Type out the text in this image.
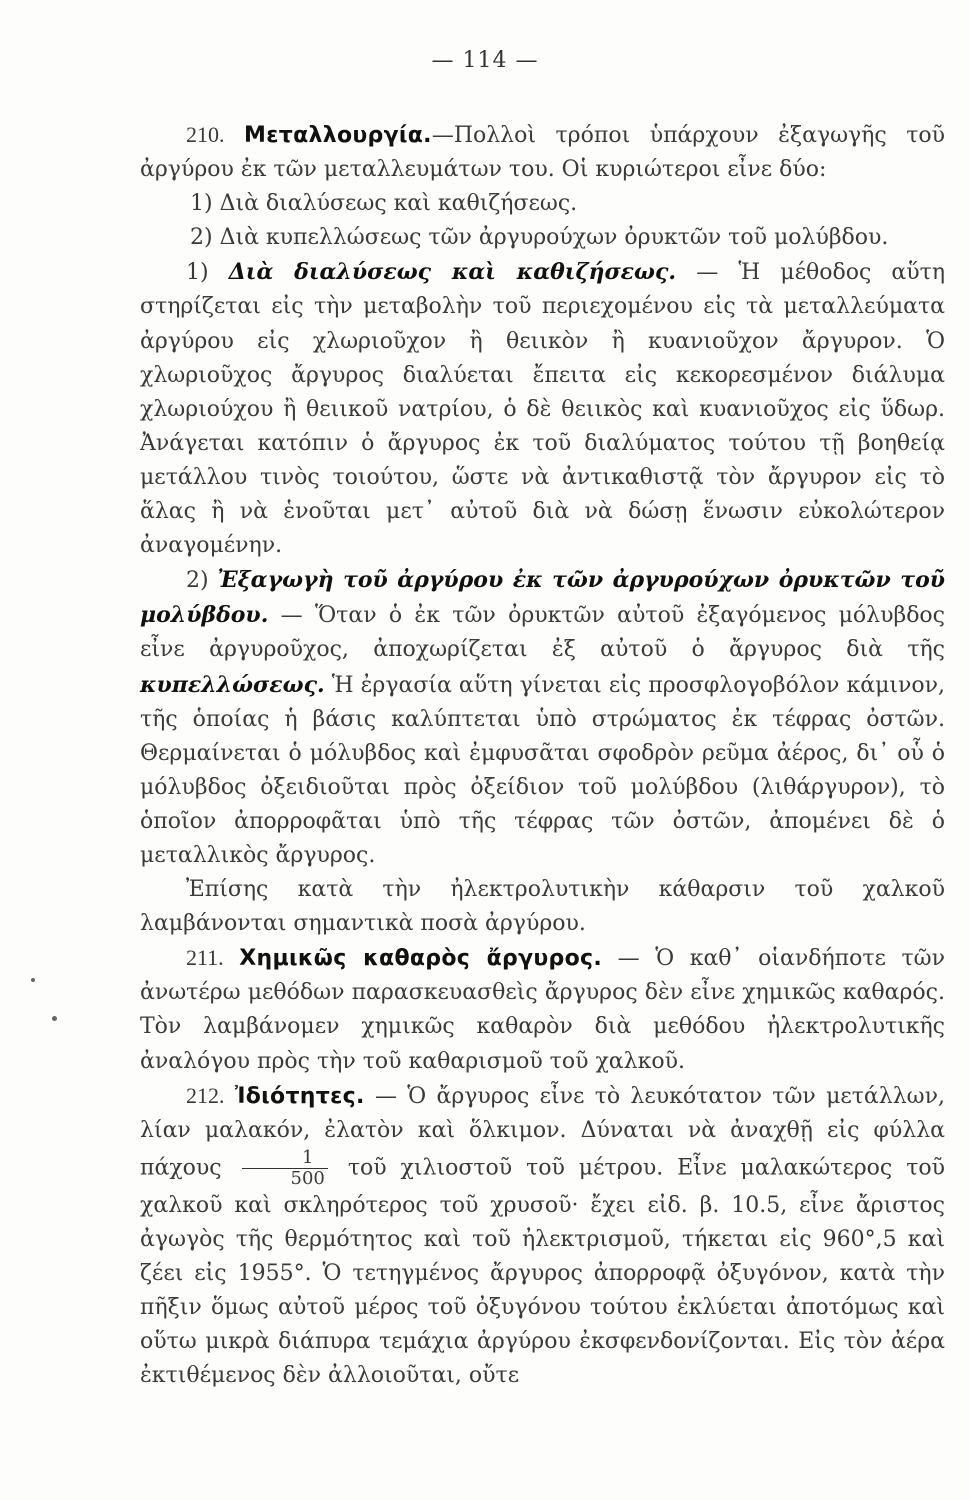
— 114 —

210. Μεταλλουργία.—Πολλοὶ τρόποι ὑπάρχουν ἐξαγωγῆς τοῦ ἀργύρου ἐκ τῶν μεταλλευμάτων του. Οἱ κυριώτεροι εἶνε δύο:

1) Διὰ διαλύσεως καὶ καθιζήσεως.

2) Διὰ κυπελλώσεως τῶν ἀργυρούχων ὀρυκτῶν τοῦ μολύβδου.

1) Διὰ διαλύσεως καὶ καθιζήσεως. — Ἡ μέθοδος αὕτη στηρίζεται εἰς τὴν μεταβολὴν τοῦ περιεχομένου εἰς τὰ μεταλλεύματα ἀργύρου εἰς χλωριοῦχον ἢ θειικὸν ἢ κυανιοῦχον ἄργυρον. Ὁ χλωριοῦχος ἄργυρος διαλύεται ἔπειτα εἰς κεκορεσμένον διάλυμα χλωριούχου ἢ θειικοῦ νατρίου, ὁ δὲ θειικὸς καὶ κυανιοῦχος εἰς ὕδωρ. Ἀνάγεται κατόπιν ὁ ἄργυρος ἐκ τοῦ διαλύματος τούτου τῇ βοηθείᾳ μετάλλου τινὸς τοιούτου, ὥστε νὰ ἀντικαθιστᾷ τὸν ἄργυρον εἰς τὸ ἅλας ἢ νὰ ἑνοῦται μετ᾽ αὐτοῦ διὰ νὰ δώσῃ ἕνωσιν εὐκολώτερον ἀναγομένην.

2) Ἐξαγωγὴ τοῦ ἀργύρου ἐκ τῶν ἀργυρούχων ὀρυκτῶν τοῦ μολύβδου. — Ὅταν ὁ ἐκ τῶν ὀρυκτῶν αὐτοῦ ἐξαγόμενος μόλυβδος εἶνε ἀργυροῦχος, ἀποχωρίζεται ἐξ αὐτοῦ ὁ ἄργυρος διὰ τῆς κυπελλώσεως. Ἡ ἐργασία αὕτη γίνεται εἰς προσφλογοβόλον κάμινον, τῆς ὁποίας ἡ βάσις καλύπτεται ὑπὸ στρώματος ἐκ τέφρας ὀστῶν. Θερμαίνεται ὁ μόλυβδος καὶ ἐμφυσᾶται σφοδρὸν ρεῦμα ἀέρος, δι᾽ οὗ ὁ μόλυβδος ὀξειδιοῦται πρὸς ὀξείδιον τοῦ μολύβδου (λιθάργυρον), τὸ ὁποῖον ἀπορροφᾶται ὑπὸ τῆς τέφρας τῶν ὀστῶν, ἀπομένει δὲ ὁ μεταλλικὸς ἄργυρος.

Ἐπίσης κατὰ τὴν ἠλεκτρολυτικὴν κάθαρσιν τοῦ χαλκοῦ λαμβάνονται σημαντικὰ ποσὰ ἀργύρου.

211. Χημικῶς καθαρὸς ἄργυρος. — Ὁ καθ᾽ οἱανδήποτε τῶν ἀνωτέρω μεθόδων παρασκευασθεὶς ἄργυρος δὲν εἶνε χημικῶς καθαρός. Τὸν λαμβάνομεν χημικῶς καθαρὸν διὰ μεθόδου ἠλεκτρολυτικῆς ἀναλόγου πρὸς τὴν τοῦ καθαρισμοῦ τοῦ χαλκοῦ.

212. Ἰδιότητες. — Ὁ ἄργυρος εἶνε τὸ λευκότατον τῶν μετάλλων, λίαν μαλακόν, ἐλατὸν καὶ ὅλκιμον. Δύναται νὰ ἀναχθῇ εἰς φύλλα πάχους $\frac{1}{500}$ τοῦ χιλιοστοῦ τοῦ μέτρου. Εἶνε μαλακώτερος τοῦ χαλκοῦ καὶ σκληρότερος τοῦ χρυσοῦ· ἔχει εἰδ. β. 10.5, εἶνε ἄριστος ἀγωγὸς τῆς θερμότητος καὶ τοῦ ἠλεκτρισμοῦ, τήκεται εἰς 960°,5 καὶ ζέει εἰς 1955°. Ὁ τετηγμένος ἄργυρος ἀπορροφᾷ ὀξυγόνον, κατὰ τὴν πῆξιν ὅμως αὐτοῦ μέρος τοῦ ὀξυγόνου τούτου ἐκλύεται ἀποτόμως καὶ οὕτω μικρὰ διάπυρα τεμάχια ἀργύρου ἐκσφενδονίζονται. Εἰς τὸν ἀέρα ἐκτιθέμενος δὲν ἀλλοιοῦται, οὔτε
